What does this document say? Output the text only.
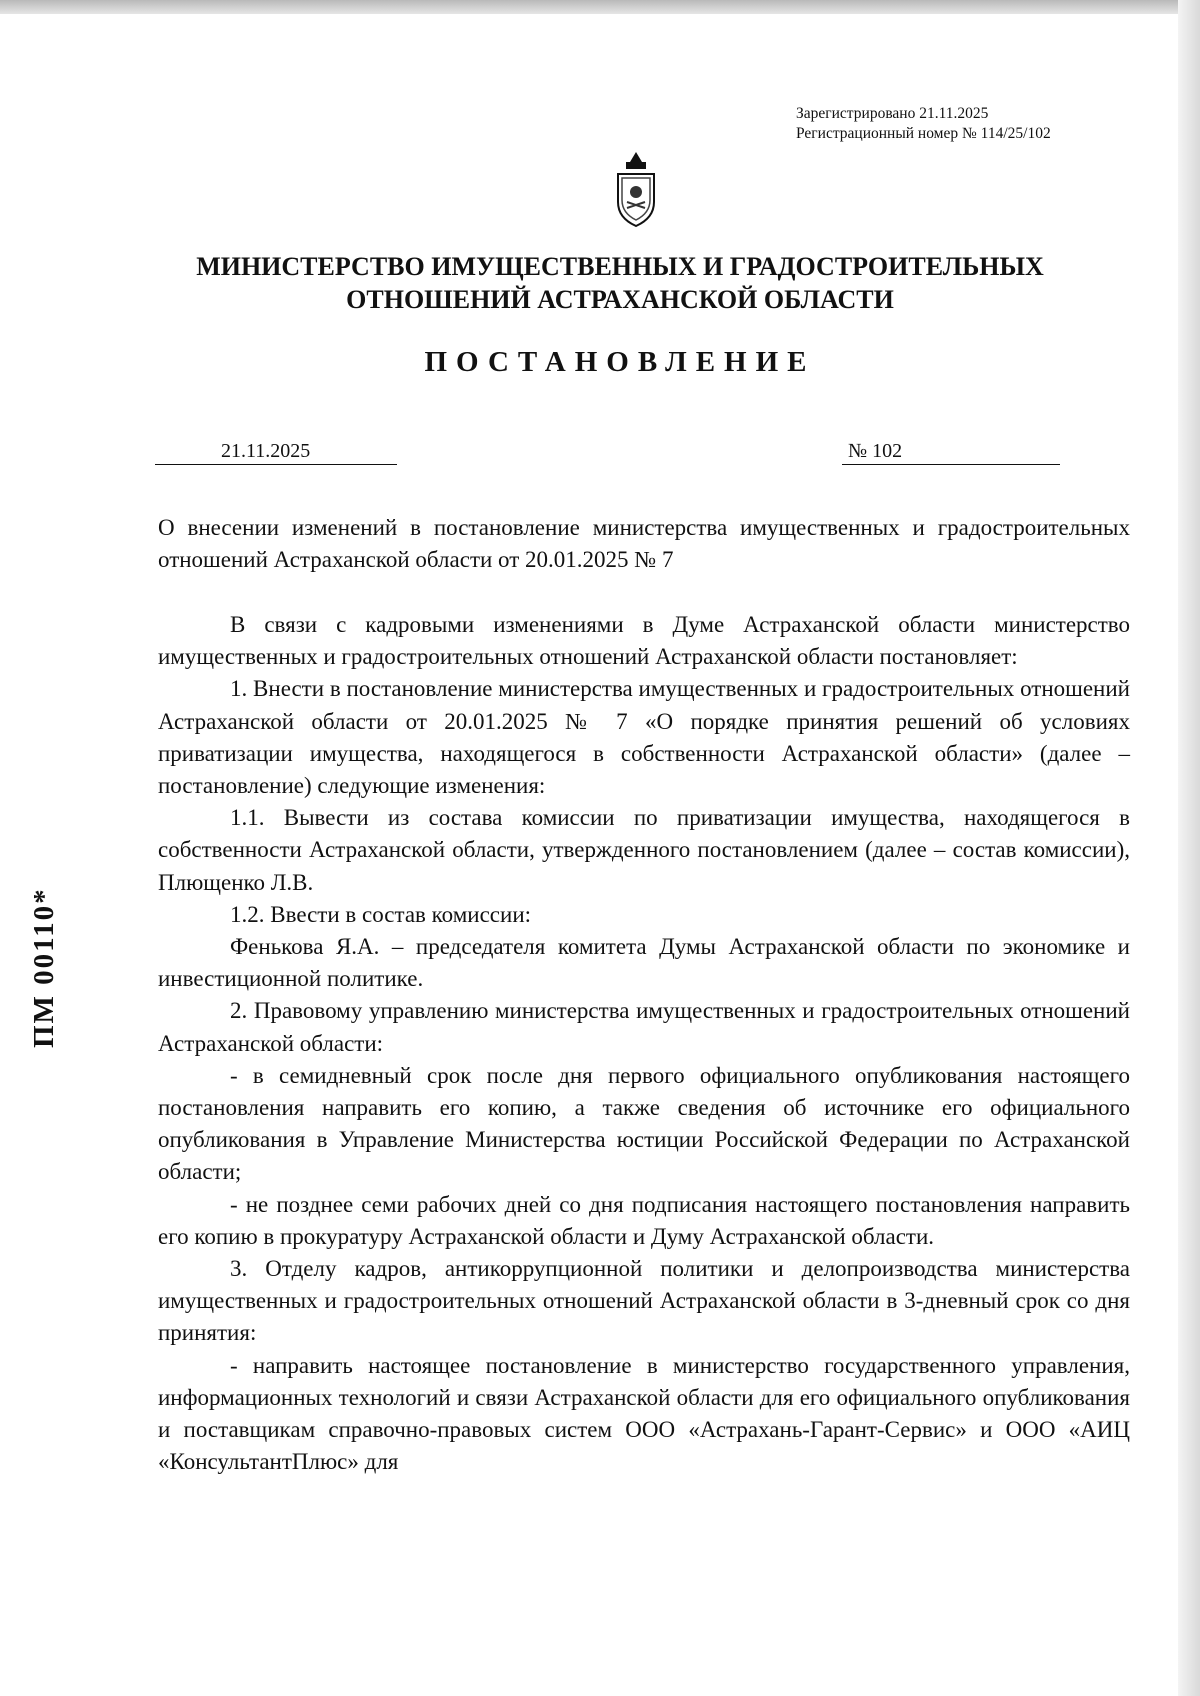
Зарегистрировано 21.11.2025
Регистрационный номер № 114/25/102
МИНИСТЕРСТВО ИМУЩЕСТВЕННЫХ И ГРАДОСТРОИТЕЛЬНЫХ
ОТНОШЕНИЙ АСТРАХАНСКОЙ ОБЛАСТИ
ПОСТАНОВЛЕНИЕ
21.11.2025	№ 102
О внесении изменений в постановление министерства имущественных и градостроительных отношений Астраханской области от 20.01.2025 № 7

В связи с кадровыми изменениями в Думе Астраханской области министерство имущественных и градостроительных отношений Астраханской области постановляет:

1. Внести в постановление министерства имущественных и градостроительных отношений Астраханской области от 20.01.2025 № 7 «О порядке принятия решений об условиях приватизации имущества, находящегося в собственности Астраханской области» (далее – постановление) следующие изменения:

1.1. Вывести из состава комиссии по приватизации имущества, находящегося в собственности Астраханской области, утвержденного постановлением (далее – состав комиссии), Плющенко Л.В.

1.2. Ввести в состав комиссии:

Фенькова Я.А. – председателя комитета Думы Астраханской области по экономике и инвестиционной политике.

2. Правовому управлению министерства имущественных и градостроительных отношений Астраханской области:

- в семидневный срок после дня первого официального опубликования настоящего постановления направить его копию, а также сведения об источнике его официального опубликования в Управление Министерства юстиции Российской Федерации по Астраханской области;

- не позднее семи рабочих дней со дня подписания настоящего постановления направить его копию в прокуратуру Астраханской области и Думу Астраханской области.

3. Отделу кадров, антикоррупционной политики и делопроизводства министерства имущественных и градостроительных отношений Астраханской области в 3-дневный срок со дня принятия:

- направить настоящее постановление в министерство государственного управления, информационных технологий и связи Астраханской области для его официального опубликования и поставщикам справочно-правовых систем ООО «Астрахань-Гарант-Сервис» и ООО «АИЦ «КонсультантПлюс» для

ПМ 00110*
